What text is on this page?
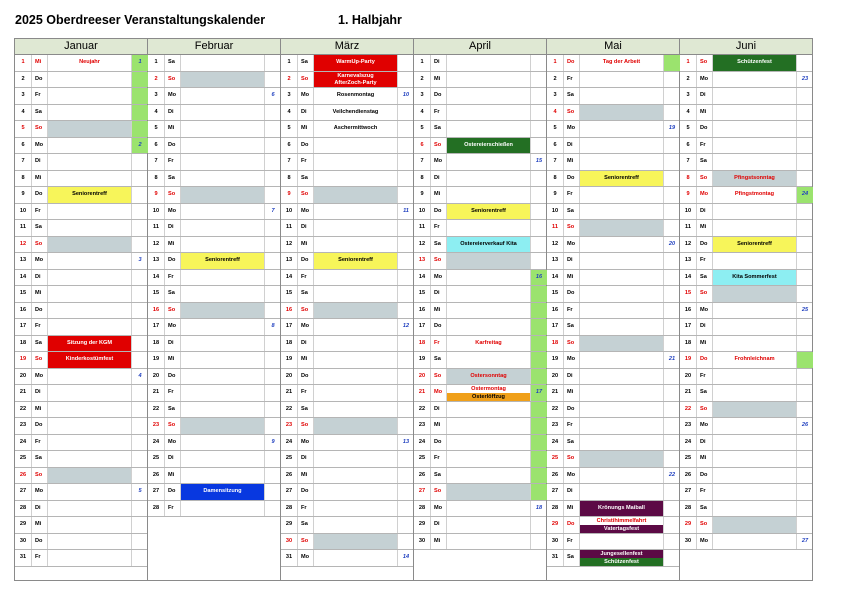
2025 Oberdreeser Veranstaltungskalender	1. Halbjahr
Januar
1	Mi	Neujahr	1
2	Do
3	Fr
4	Sa
5	So
6	Mo	2
7	Di
8	Mi
9	Do	Seniorentreff
10	Fr
11	Sa
12	So
13	Mo	3
14	Di
15	Mi
16	Do
17	Fr
18	Sa	Sitzung der KGM
19	So	Kinderkostümfest
20	Mo	4
21	Di
22	Mi
23	Do
24	Fr
25	Sa
26	So
27	Mo	5
28	Di
29	Mi
30	Do
31	Fr
Februar
1	Sa
2	So
3	Mo	6
4	Di
5	Mi
6	Do
7	Fr
8	Sa
9	So
10	Mo	7
11	Di
12	Mi
13	Do	Seniorentreff
14	Fr
15	Sa
16	So
17	Mo	8
18	Di
19	Mi
20	Do
21	Fr
22	Sa
23	So
24	Mo	9
25	Di
26	Mi
27	Do	Damensitzung
28	Fr
März
1	Sa	WarmUp-Party
2	So	Karnevalszug
AfterZoch-Party
3	Mo	Rosenmontag	10
4	Di	Veilchendienstag
5	Mi	Aschermittwoch
6	Do
7	Fr
8	Sa
9	So
10	Mo	11
11	Di
12	Mi
13	Do	Seniorentreff
14	Fr
15	Sa
16	So
17	Mo	12
18	Di
19	Mi
20	Do
21	Fr
22	Sa
23	So
24	Mo	13
25	Di
26	Mi
27	Do
28	Fr
29	Sa
30	So
31	Mo	14
April
1	Di
2	Mi
3	Do
4	Fr
5	Sa
6	So	Ostereierschießen
7	Mo	15
8	Di
9	Mi
10	Do	Seniorentreff
11	Fr
12	Sa	Ostereierverkauf Kita
13	So
14	Mo	16
15	Di
16	Mi
17	Do
18	Fr	Karfreitag
19	Sa
20	So	Ostersonntag
21	Mo	Ostermontag
Osterlöffzug
17
22	Di
23	Mi
24	Do
25	Fr
26	Sa
27	So
28	Mo	18
29	Di
30	Mi
Mai
1	Do	Tag der Arbeit
2	Fr
3	Sa
4	So
5	Mo	19
6	Di
7	Mi
8	Do	Seniorentreff
9	Fr
10	Sa
11	So
12	Mo	20
13	Di
14	Mi
15	Do
16	Fr
17	Sa
18	So
19	Mo	21
20	Di
21	Mi
22	Do
23	Fr
24	Sa
25	So
26	Mo	22
27	Di
28	Mi	Krönungs Maiball
29	Do	Christihimmelfahrt
Vatertagsfest
30	Fr
31	Sa	Jungesellenfest
Schützenfest
Juni
1	So	Schützenfest
2	Mo	23
3	Di
4	Mi
5	Do
6	Fr
7	Sa
8	So	Pfingstsonntag
9	Mo	Pfingstmontag	24
10	Di
11	Mi
12	Do	Seniorentreff
13	Fr
14	Sa	Kita Sommerfest
15	So
16	Mo	25
17	Di
18	Mi
19	Do	Frohnleichnam
20	Fr
21	Sa
22	So
23	Mo	26
24	Di
25	Mi
26	Do
27	Fr
28	Sa
29	So
30	Mo	27
